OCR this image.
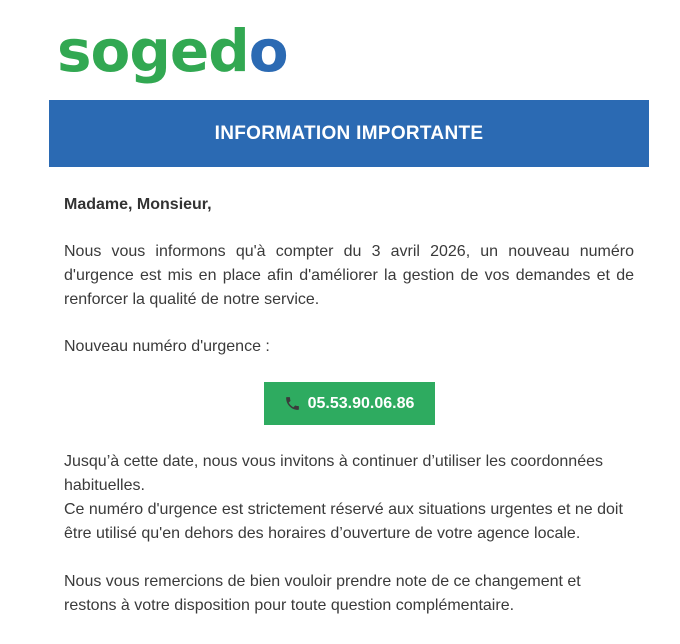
sogedo
INFORMATION IMPORTANTE

Madame, Monsieur,

Nous vous informons qu'à compter du 3 avril 2026, un nouveau numéro d'urgence est mis en place afin d'améliorer la gestion de vos demandes et de renforcer la qualité de notre service.

Nouveau numéro d'urgence :

05.53.90.06.86

Jusqu’à cette date, nous vous invitons à continuer d’utiliser les coordonnées habituelles.

Ce numéro d'urgence est strictement réservé aux situations urgentes et ne doit être utilisé qu'en dehors des horaires d’ouverture de votre agence locale.

Nous vous remercions de bien vouloir prendre note de ce changement et restons à votre disposition pour toute question complémentaire.
